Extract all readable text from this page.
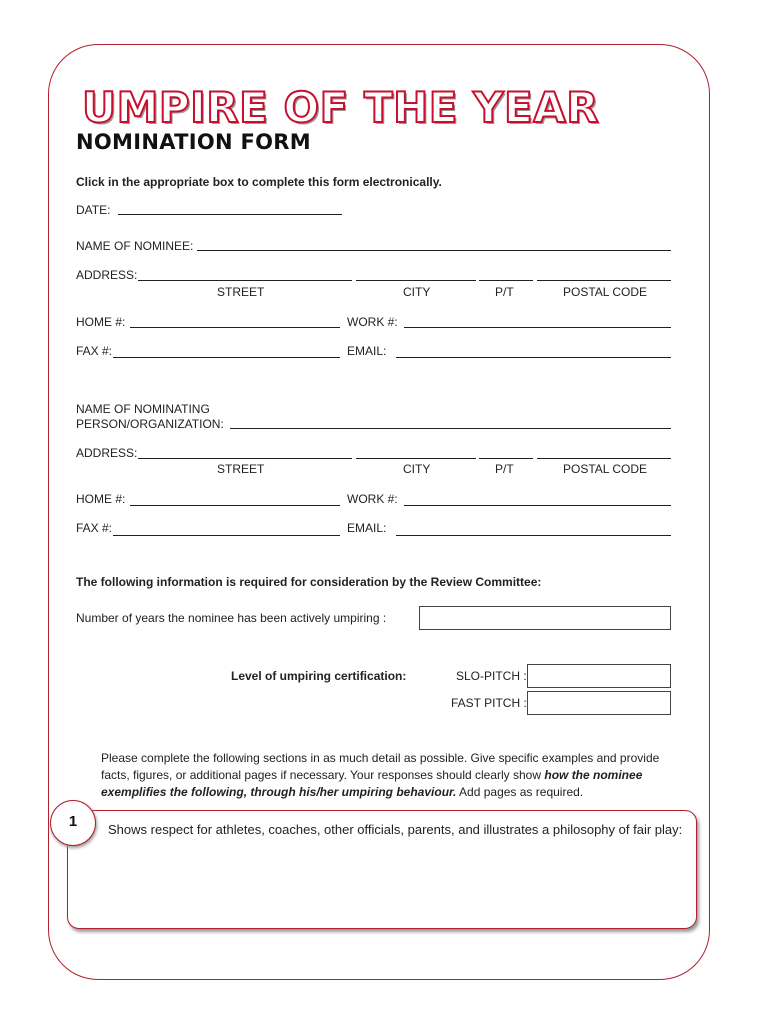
UMPIRE OF THE YEAR
NOMINATION FORM
Click in the appropriate box to complete this form electronically.
DATE:
NAME OF NOMINEE:
ADDRESS:
STREET	CITY	P/T	POSTAL CODE
HOME #:	WORK #:
FAX #:	EMAIL:
NAME OF NOMINATING
PERSON/ORGANIZATION:
ADDRESS:
STREET	CITY	P/T	POSTAL CODE
HOME #:	WORK #:
FAX #:	EMAIL:
The following information is required for consideration by the Review Committee:
Number of years the nominee has been actively umpiring :
Level of umpiring certification:	SLO-PITCH :
FAST PITCH :
Please complete the following sections in as much detail as possible. Give specific examples and provide facts, figures, or additional pages if necessary. Your responses should clearly show how the nominee exemplifies the following, through his/her umpiring behaviour. Add pages as required.
1	Shows respect for athletes, coaches, other officials, parents, and illustrates a philosophy of fair play:
